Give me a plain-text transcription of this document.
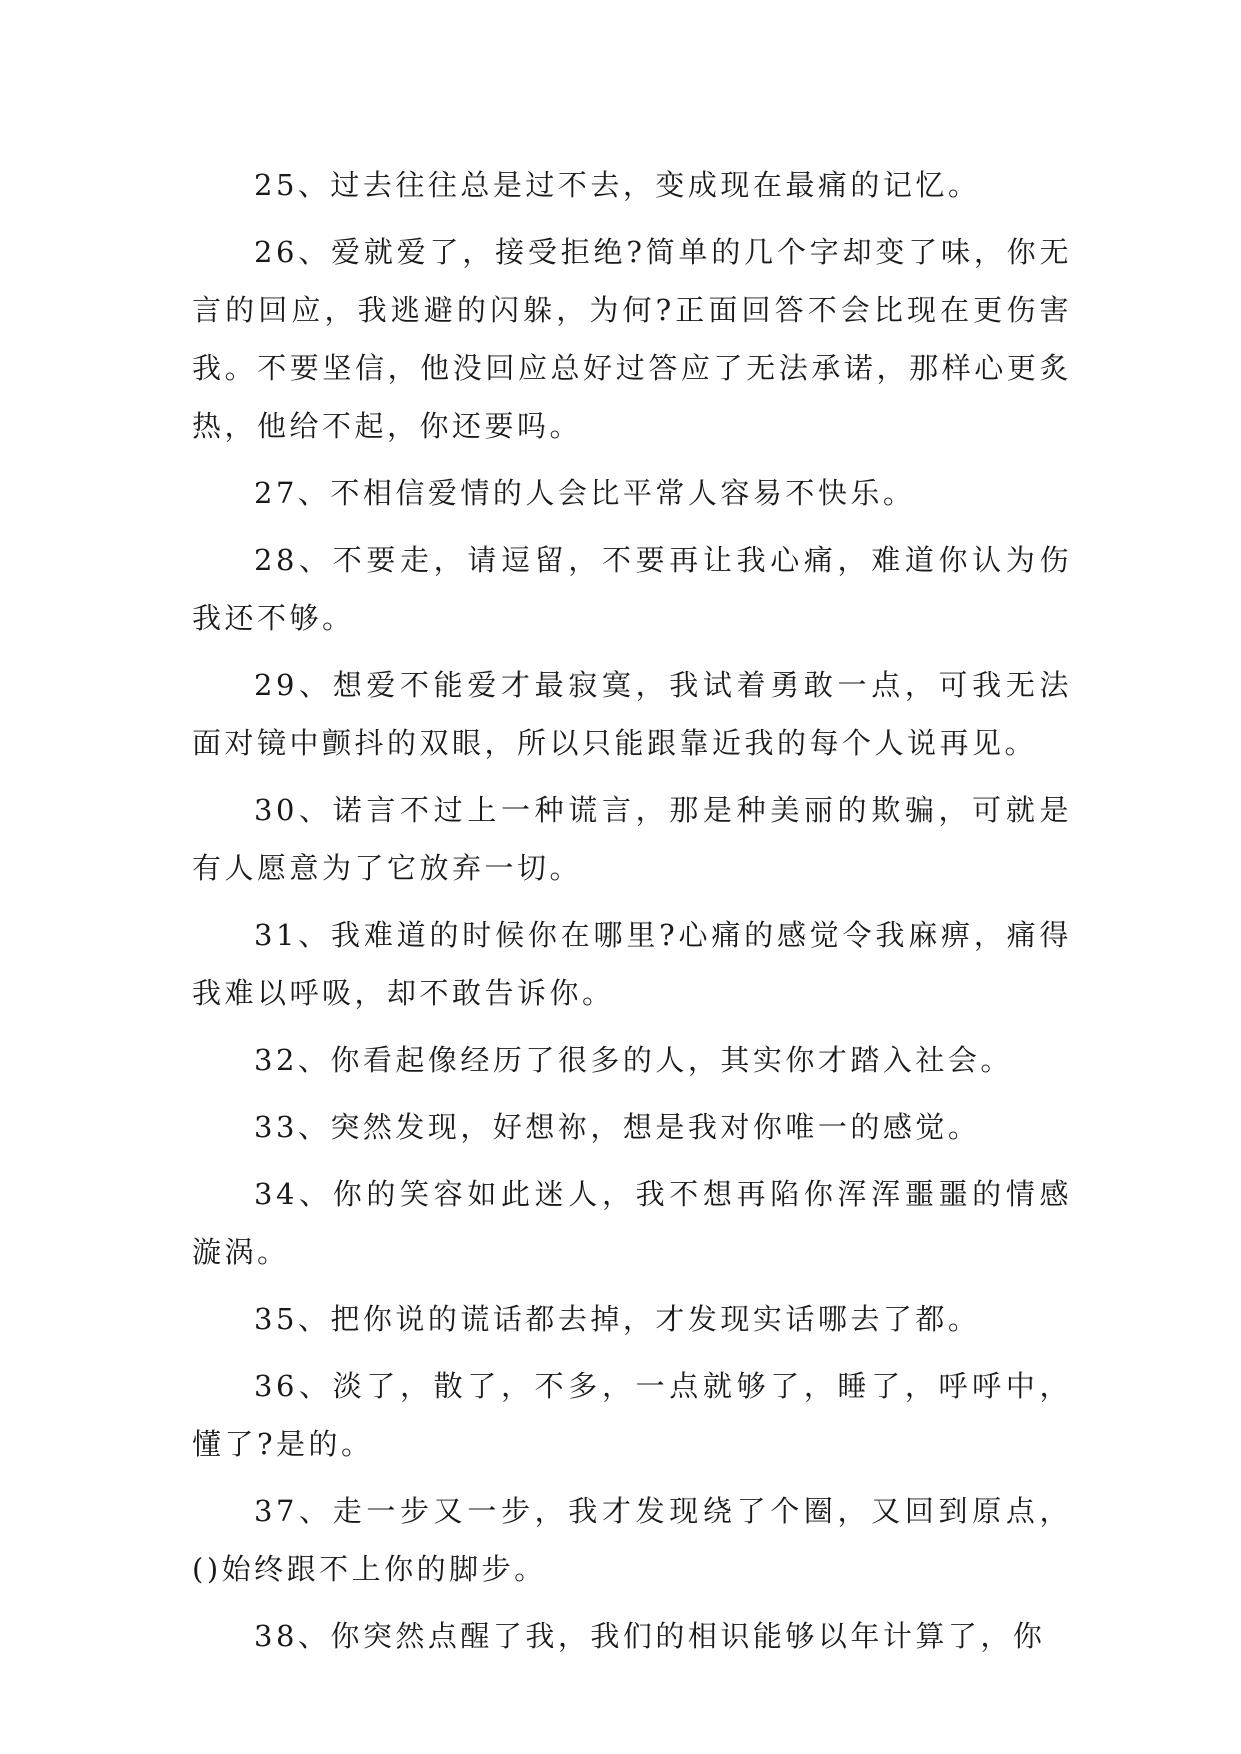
25、过去往往总是过不去，变成现在最痛的记忆。

26、爱就爱了，接受拒绝?简单的几个字却变了味，你无言的回应，我逃避的闪躲，为何?正面回答不会比现在更伤害我。不要坚信，他没回应总好过答应了无法承诺，那样心更炙热，他给不起，你还要吗。

27、不相信爱情的人会比平常人容易不快乐。

28、不要走，请逗留，不要再让我心痛，难道你认为伤我还不够。

29、想爱不能爱才最寂寞，我试着勇敢一点，可我无法面对镜中颤抖的双眼，所以只能跟靠近我的每个人说再见。

30、诺言不过上一种谎言，那是种美丽的欺骗，可就是有人愿意为了它放弃一切。

31、我难道的时候你在哪里?心痛的感觉令我麻痹，痛得我难以呼吸，却不敢告诉你。

32、你看起像经历了很多的人，其实你才踏入社会。

33、突然发现，好想祢，想是我对你唯一的感觉。

34、你的笑容如此迷人，我不想再陷你浑浑噩噩的情感漩涡。

35、把你说的谎话都去掉，才发现实话哪去了都。

36、淡了，散了，不多，一点就够了，睡了，呼呼中，懂了?是的。

37、走一步又一步，我才发现绕了个圈，又回到原点，()始终跟不上你的脚步。

38、你突然点醒了我，我们的相识能够以年计算了，你
